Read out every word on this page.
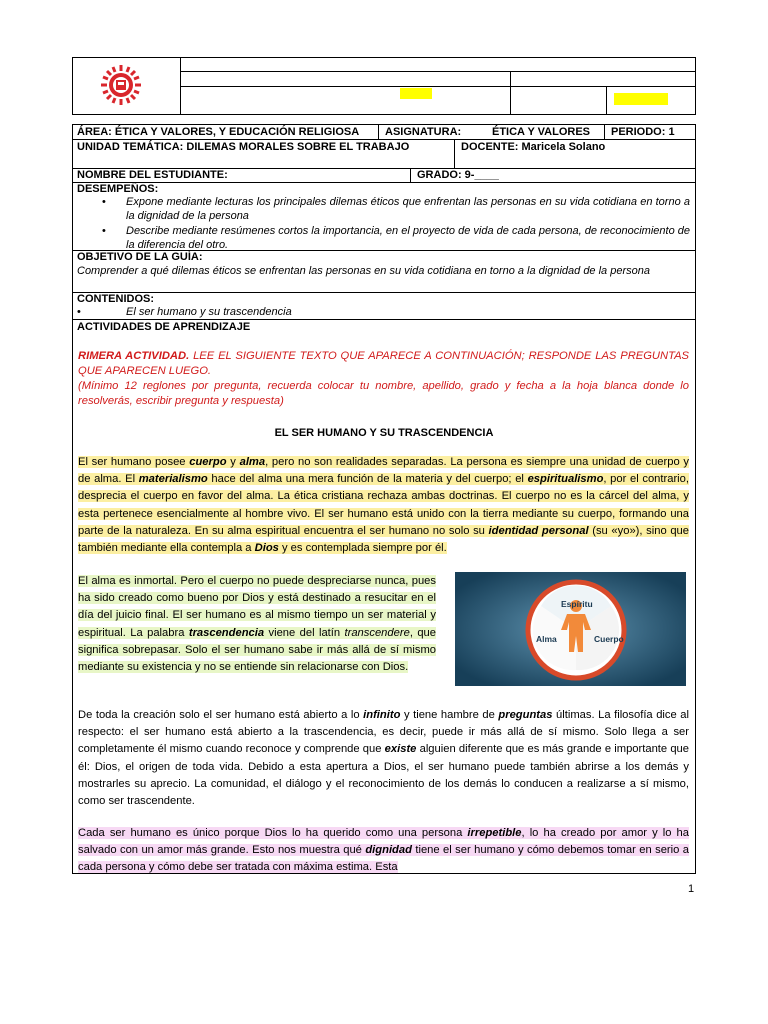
ÁREA: ÉTICA Y VALORES, Y EDUCACIÓN RELIGIOSA	ASIGNATURA:	ÉTICA Y VALORES	PERIODO: 1
UNIDAD TEMÁTICA: DILEMAS MORALES SOBRE EL TRABAJO	DOCENTE: Maricela Solano
NOMBRE DEL ESTUDIANTE:	GRADO: 9-____
DESEMPEÑOS:
• Expone mediante lecturas los principales dilemas éticos que enfrentan las personas en su vida cotidiana en torno a la dignidad de la persona
• Describe mediante resúmenes cortos la importancia, en el proyecto de vida de cada persona, de reconocimiento de la diferencia del otro.
OBJETIVO DE LA GUÍA:
Comprender a qué dilemas éticos se enfrentan las personas en su vida cotidiana en torno a la dignidad de la persona
CONTENIDOS:
•	El ser humano y su trascendencia
ACTIVIDADES DE APRENDIZAJE
RIMERA ACTIVIDAD. LEE EL SIGUIENTE TEXTO QUE APARECE A CONTINUACIÓN; RESPONDE LAS PREGUNTAS QUE APARECEN LUEGO.
(Mínimo 12 reglones por pregunta, recuerda colocar tu nombre, apellido, grado y fecha a la hoja blanca donde lo resolverás, escribir pregunta y respuesta)
EL SER HUMANO Y SU TRASCENDENCIA

El ser humano posee cuerpo y alma, pero no son realidades separadas. La persona es siempre una unidad de cuerpo y de alma. El materialismo hace del alma una mera función de la materia y del cuerpo; el espiritualismo, por el contrario, desprecia el cuerpo en favor del alma. La ética cristiana rechaza ambas doctrinas. El cuerpo no es la cárcel del alma, y esta pertenece esencialmente al hombre vivo. El ser humano está unido con la tierra mediante su cuerpo, formando una parte de la naturaleza. En su alma espiritual encuentra el ser humano no solo su identidad personal (su «yo»), sino que también mediante ella contempla a Dios y es contemplada siempre por él.

El alma es inmortal. Pero el cuerpo no puede despreciarse nunca, pues ha sido creado como bueno por Dios y está destinado a resucitar en el día del juicio final. El ser humano es al mismo tiempo un ser material y espiritual. La palabra trascendencia viene del latín transcendere, que significa sobrepasar. Solo el ser humano sabe ir más allá de sí mismo mediante su existencia y no se entiende sin relacionarse con Dios.

Espíritu
Alma	Cuerpo

De toda la creación solo el ser humano está abierto a lo infinito y tiene hambre de preguntas últimas. La filosofía dice al respecto: el ser humano está abierto a la trascendencia, es decir, puede ir más allá de sí mismo. Solo llega a ser completamente él mismo cuando reconoce y comprende que existe alguien diferente que es más grande e importante que él: Dios, el origen de toda vida. Debido a esta apertura a Dios, el ser humano puede también abrirse a los demás y mostrarles su aprecio. La comunidad, el diálogo y el reconocimiento de los demás lo conducen a realizarse a sí mismo, como ser trascendente.

Cada ser humano es único porque Dios lo ha querido como una persona irrepetible, lo ha creado por amor y lo ha salvado con un amor más grande. Esto nos muestra qué dignidad tiene el ser humano y cómo debemos tomar en serio a cada persona y cómo debe ser tratada con máxima estima. Esta

1
